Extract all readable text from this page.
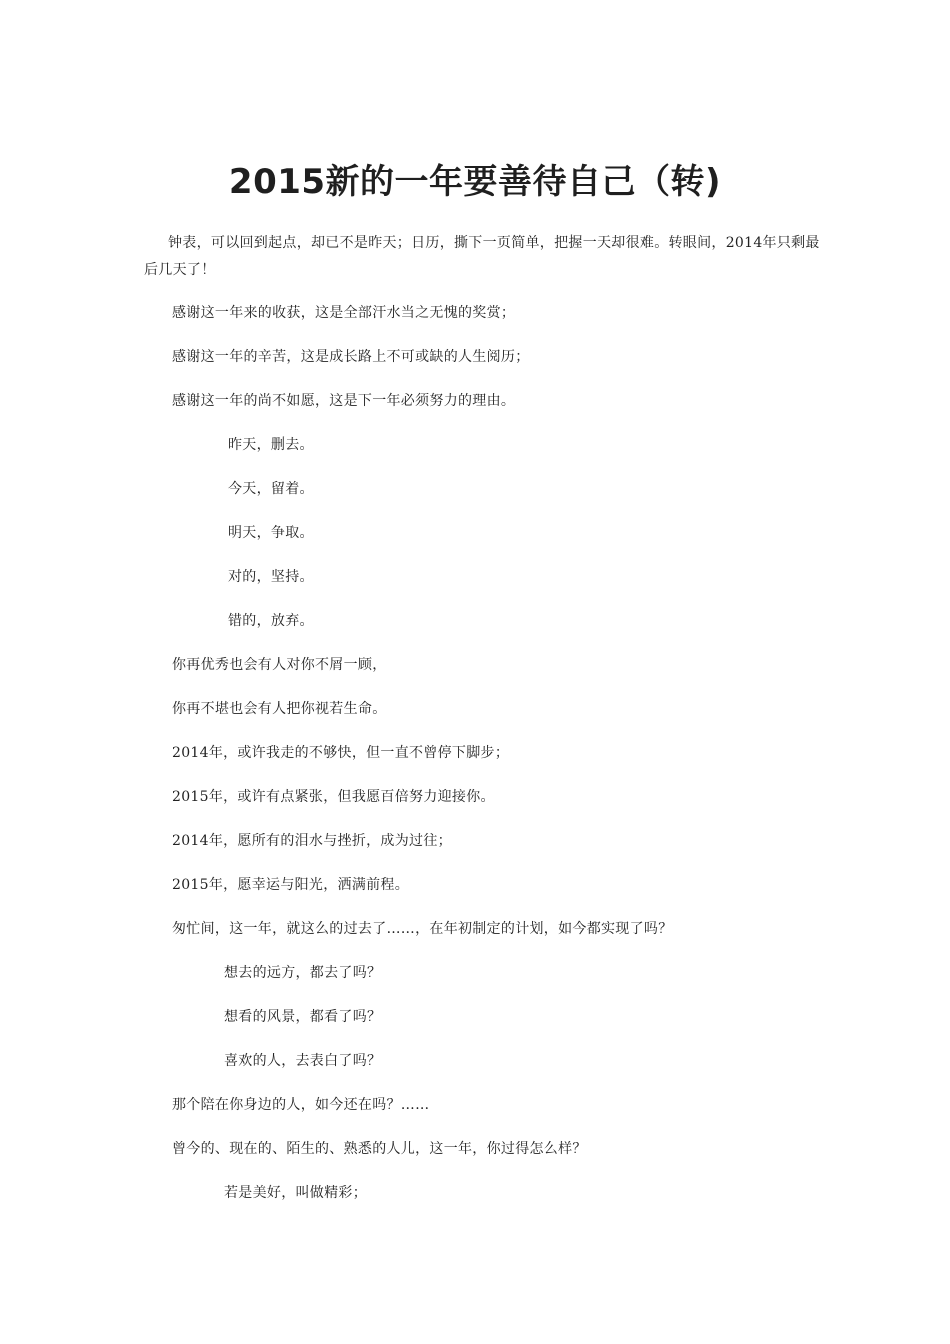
2015新的一年要善待自己（转)

钟表，可以回到起点，却已不是昨天；日历，撕下一页简单，把握一天却很难。转眼间，2014年只剩最后几天了！

感谢这一年来的收获，这是全部汗水当之无愧的奖赏；
感谢这一年的辛苦，这是成长路上不可或缺的人生阅历；
感谢这一年的尚不如愿，这是下一年必须努力的理由。
昨天，删去。
今天，留着。
明天，争取。
对的，坚持。
错的，放弃。
你再优秀也会有人对你不屑一顾，
你再不堪也会有人把你视若生命。
2014年，或许我走的不够快，但一直不曾停下脚步；
2015年，或许有点紧张，但我愿百倍努力迎接你。
2014年，愿所有的泪水与挫折，成为过往；
2015年，愿幸运与阳光，洒满前程。
匆忙间，这一年，就这么的过去了……，在年初制定的计划，如今都实现了吗？
想去的远方，都去了吗？
想看的风景，都看了吗？
喜欢的人，去表白了吗？
那个陪在你身边的人，如今还在吗？……
曾今的、现在的、陌生的、熟悉的人儿，这一年，你过得怎么样？
若是美好，叫做精彩；
